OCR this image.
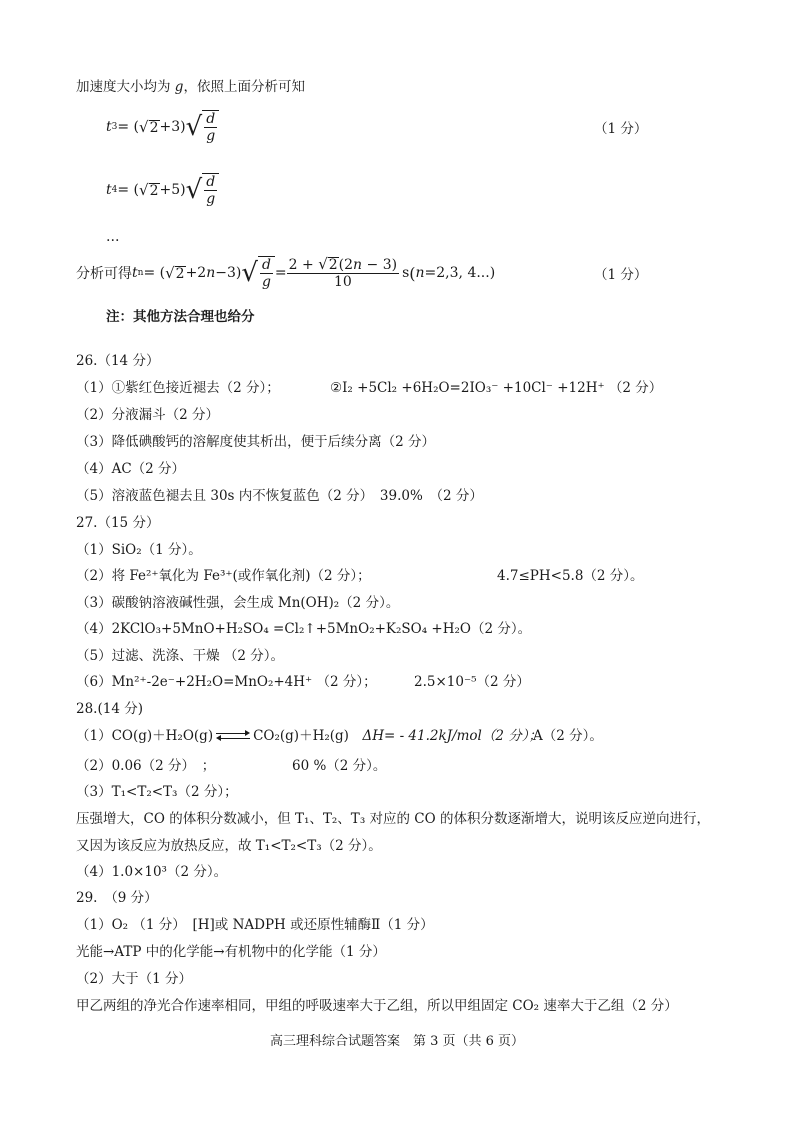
加速度大小均为 g，依照上面分析可知
t 3 = ( √ 2 +3) √ $\frac{d}{g}$	（1 分）
t 4 = ( √ 2 +5) √ $\frac{d}{g}$
…
分析可得 t n = ( √ 2 +2 n −3) √ $\frac{d}{g} = \frac{2 + √2(2n - 3)}{10}$ s ( n =2,3, 4...)	（1 分）
注：其他方法合理也给分
26.（14 分）
（1）①紫红色接近褪去（2 分）；	②I₂ +5Cl₂ +6H₂O=2IO₃⁻ +10Cl⁻ +12H⁺ （2 分）
（2）分液漏斗（2 分）
（3）降低碘酸钙的溶解度使其析出，便于后续分离（2 分）
（4）AC（2 分）
（5）溶液蓝色褪去且 30s 内不恢复蓝色（2 分）　39.0%　（2 分）
27.（15 分）
（1）SiO₂（1 分）。
（2）将 Fe²⁺氧化为 Fe³⁺(或作氧化剂)（2 分）；	4.7≤PH<5.8（2 分）。
（3）碳酸钠溶液碱性强，会生成 Mn(OH)₂（2 分）。
（4）2KClO₃+5MnO+H₂SO₄ =Cl₂↑+5MnO₂+K₂SO₄ +H₂O（2 分）。
（5）过滤、洗涤、干燥 （2 分）。
（6）Mn²⁺-2e⁻+2H₂O=MnO₂+4H⁺ （2 分）；	2.5×10⁻⁵（2 分）
28.(14 分)
（1）CO(g)＋H₂O(g) ⇌ CO₂(g)＋H₂(g)　ΔH= - 41.2kJ/mol（2 分）；
A（2 分）。
（2）0.06（2 分）　；	60 %（2 分）。
（3）T₁<T₂<T₃（2 分）；
压强增大，CO 的体积分数减小，但 T₁、T₂、T₃ 对应的 CO 的体积分数逐渐增大，说明该反应逆向进行，
又因为该反应为放热反应，故 T₁<T₂<T₃（2 分）。
（4）1.0×10³（2 分）。
29.　（9 分）
（1）O₂ （1 分）　[H]或 NADPH 或还原性辅酶Ⅱ（1 分）
光能→ATP 中的化学能→有机物中的化学能（1 分）
（2）大于（1 分）
甲乙两组的净光合作速率相同，甲组的呼吸速率大于乙组，所以甲组固定 CO₂ 速率大于乙组（2 分）
高三理科综合试题答案　第 3 页（共 6 页）
